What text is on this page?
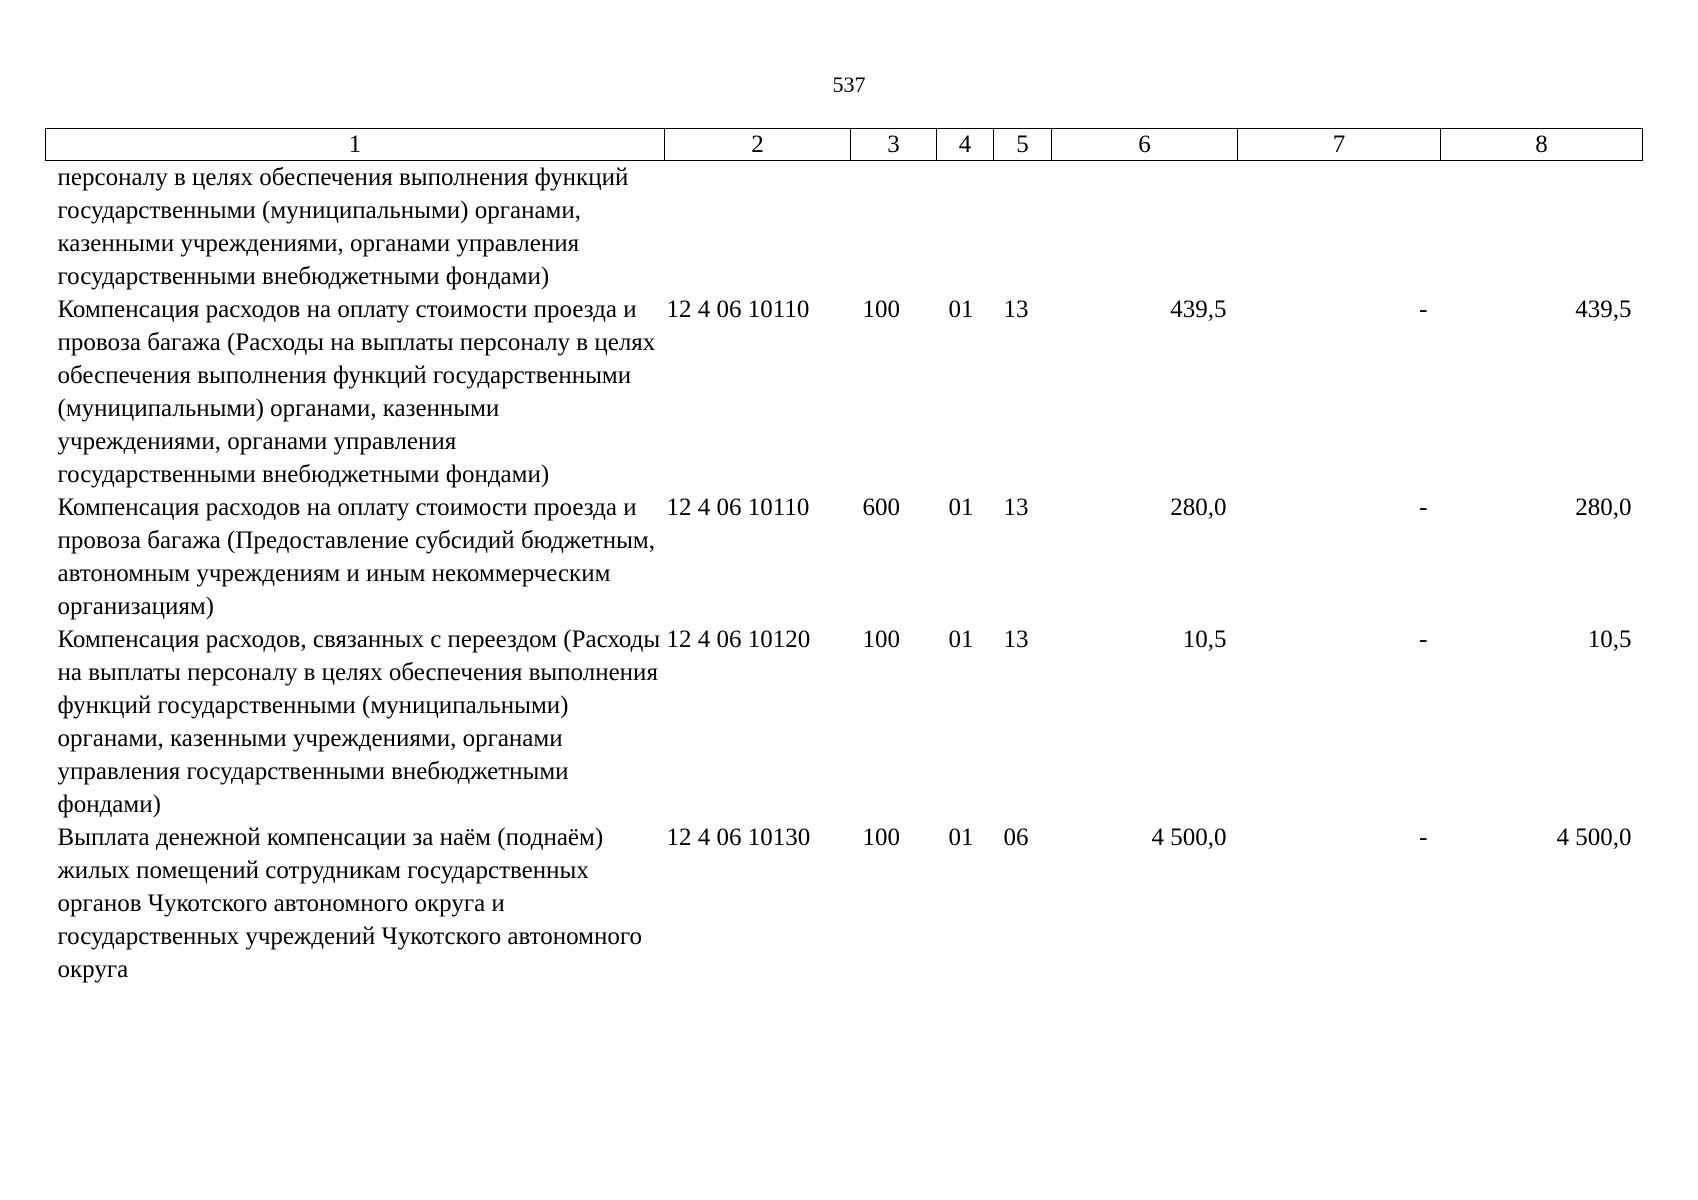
537
1	2	3	4	5	6	7	8
персоналу в целях обеспечения выполнения функций государственными (муниципальными) органами, казенными учреждениями, органами управления государственными внебюджетными фондами)							
Компенсация расходов на оплату стоимости проезда и провоза багажа (Расходы на выплаты персоналу в целях обеспечения выполнения функций государственными (муниципальными) органами, казенными учреждениями, органами управления государственными внебюджетными фондами)	12 4 06 10110	100	01	13	439,5	-	439,5
Компенсация расходов на оплату стоимости проезда и провоза багажа (Предоставление субсидий бюджетным, автономным учреждениям и иным некоммерческим организациям)	12 4 06 10110	600	01	13	280,0	-	280,0
Компенсация расходов, связанных с переездом (Расходы на выплаты персоналу в целях обеспечения выполнения функций государственными (муниципальными) органами, казенными учреждениями, органами управления государственными внебюджетными фондами)	12 4 06 10120	100	01	13	10,5	-	10,5
Выплата денежной компенсации за наём (поднаём) жилых помещений сотрудникам государственных органов Чукотского автономного округа и государственных учреждений Чукотского автономного округа	12 4 06 10130	100	01	06	4 500,0	-	4 500,0
